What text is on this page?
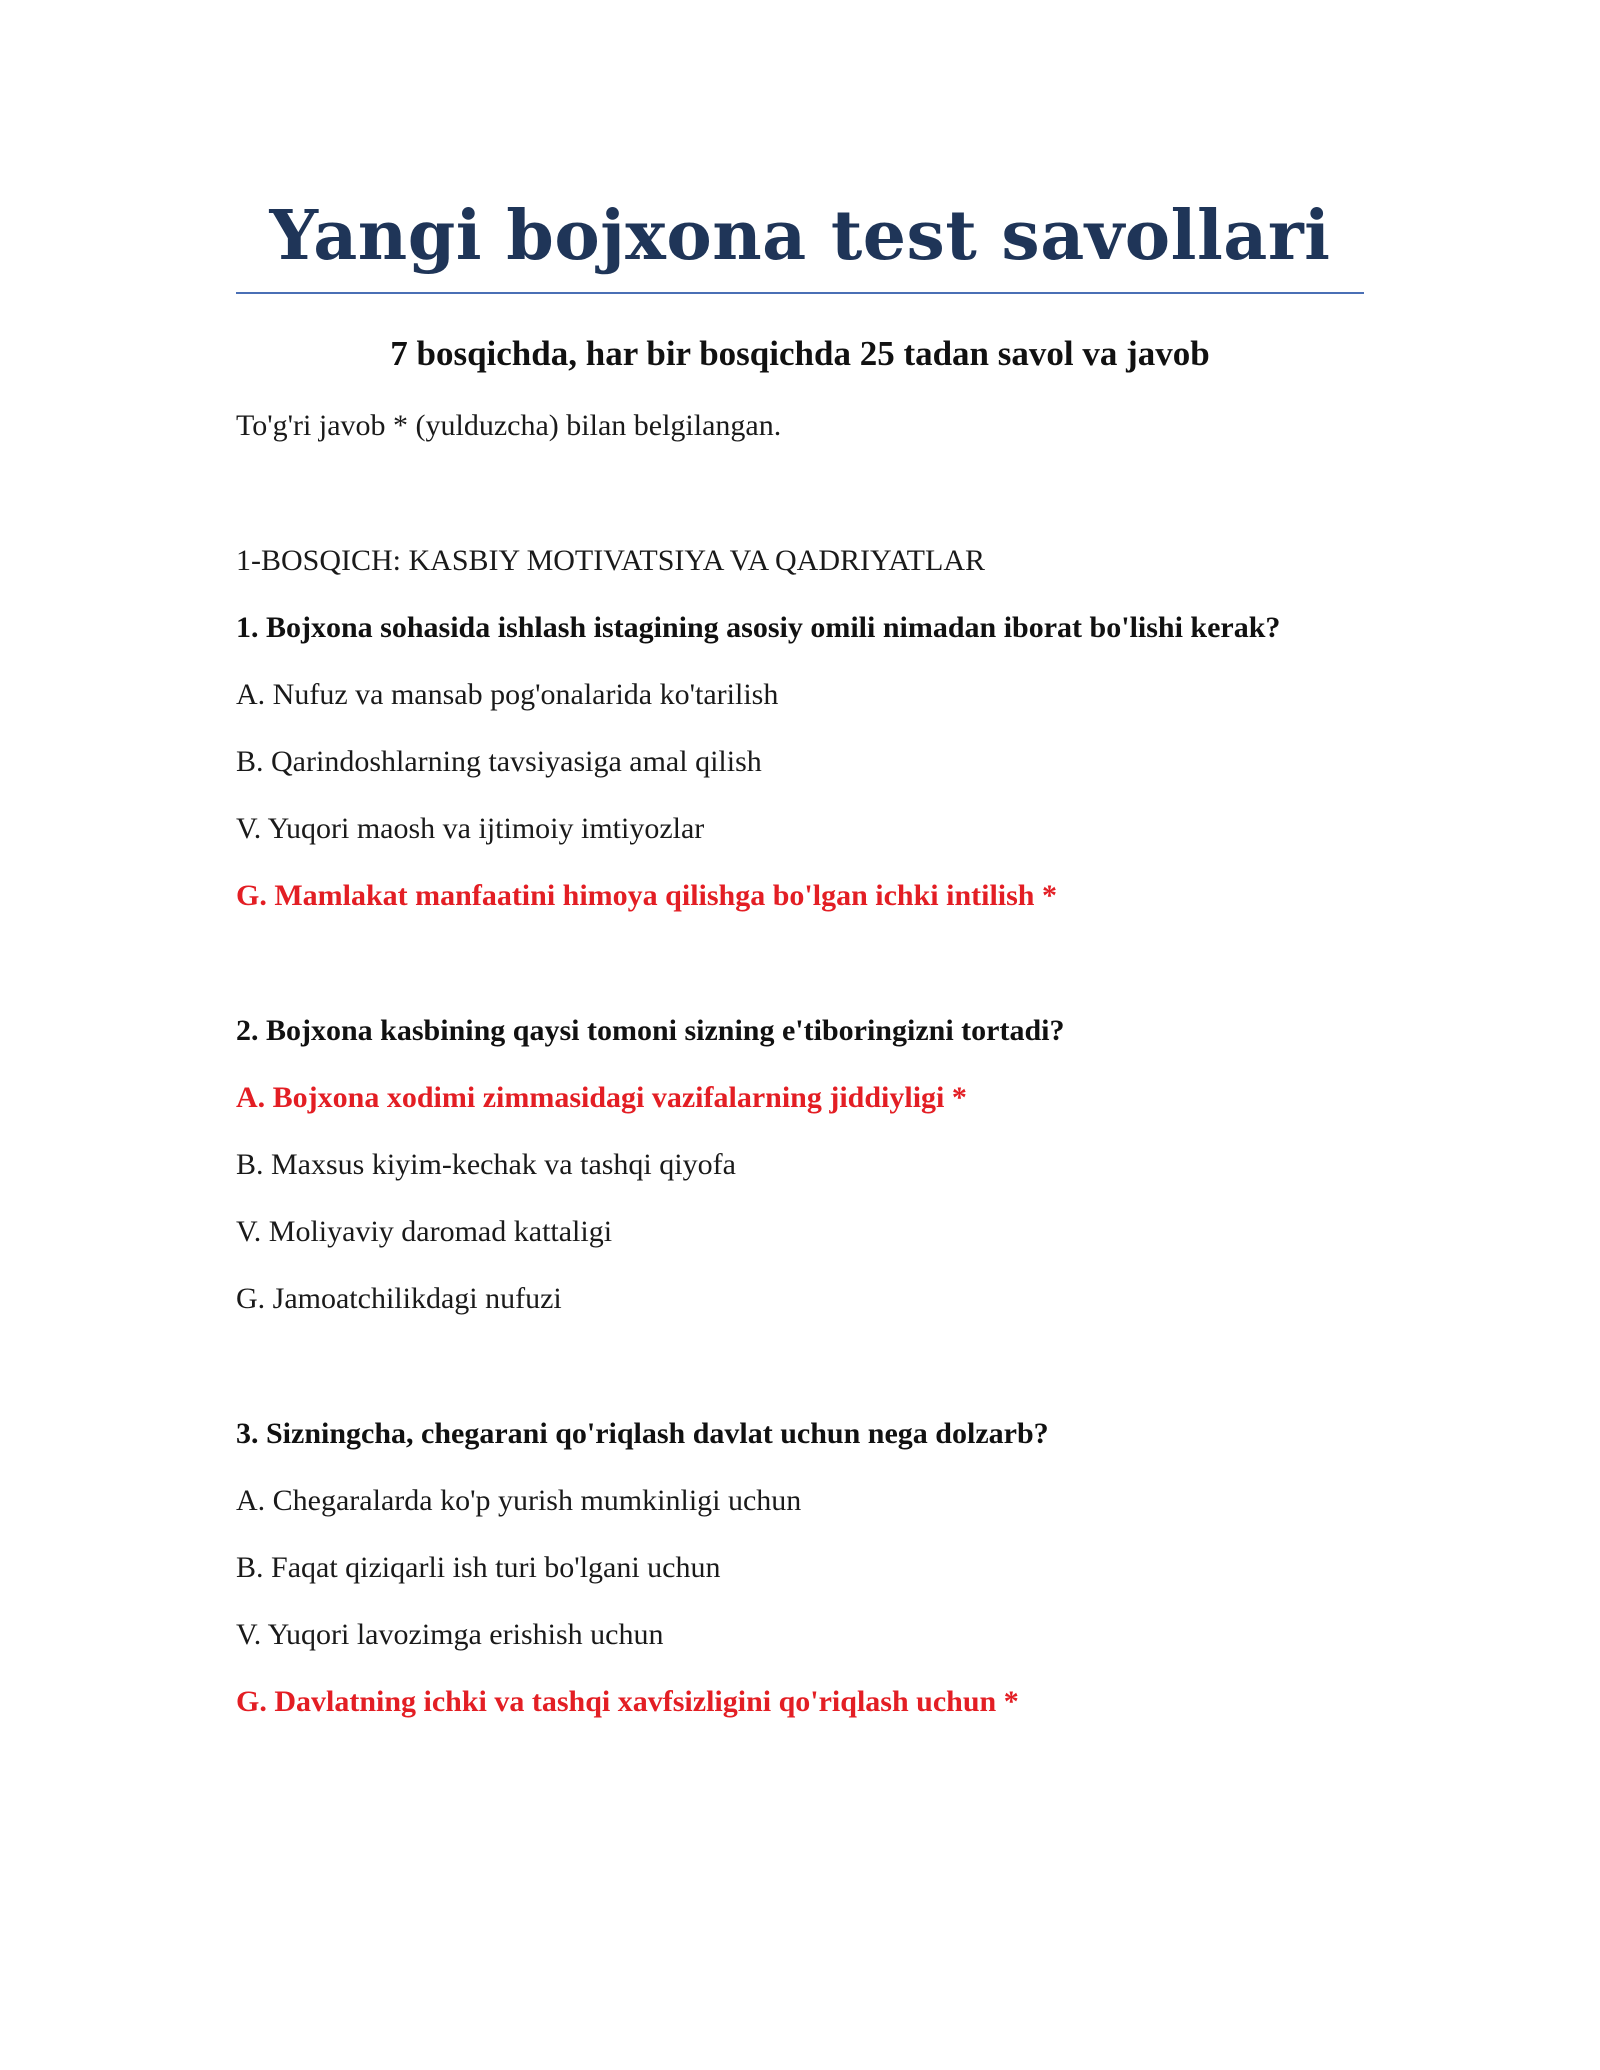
Yangi bojxona test savollari

7 bosqichda, har bir bosqichda 25 tadan savol va javob

To'g'ri javob * (yulduzcha) bilan belgilangan.

1-BOSQICH: KASBIY MOTIVATSIYA VA QADRIYATLAR

1. Bojxona sohasida ishlash istagining asosiy omili nimadan iborat bo'lishi kerak?

A. Nufuz va mansab pog'onalarida ko'tarilish

B. Qarindoshlarning tavsiyasiga amal qilish

V. Yuqori maosh va ijtimoiy imtiyozlar

G. Mamlakat manfaatini himoya qilishga bo'lgan ichki intilish *

2. Bojxona kasbining qaysi tomoni sizning e'tiboringizni tortadi?

A. Bojxona xodimi zimmasidagi vazifalarning jiddiyligi *

B. Maxsus kiyim-kechak va tashqi qiyofa

V. Moliyaviy daromad kattaligi

G. Jamoatchilikdagi nufuzi

3. Sizningcha, chegarani qo'riqlash davlat uchun nega dolzarb?

A. Chegaralarda ko'p yurish mumkinligi uchun

B. Faqat qiziqarli ish turi bo'lgani uchun

V. Yuqori lavozimga erishish uchun

G. Davlatning ichki va tashqi xavfsizligini qo'riqlash uchun *
